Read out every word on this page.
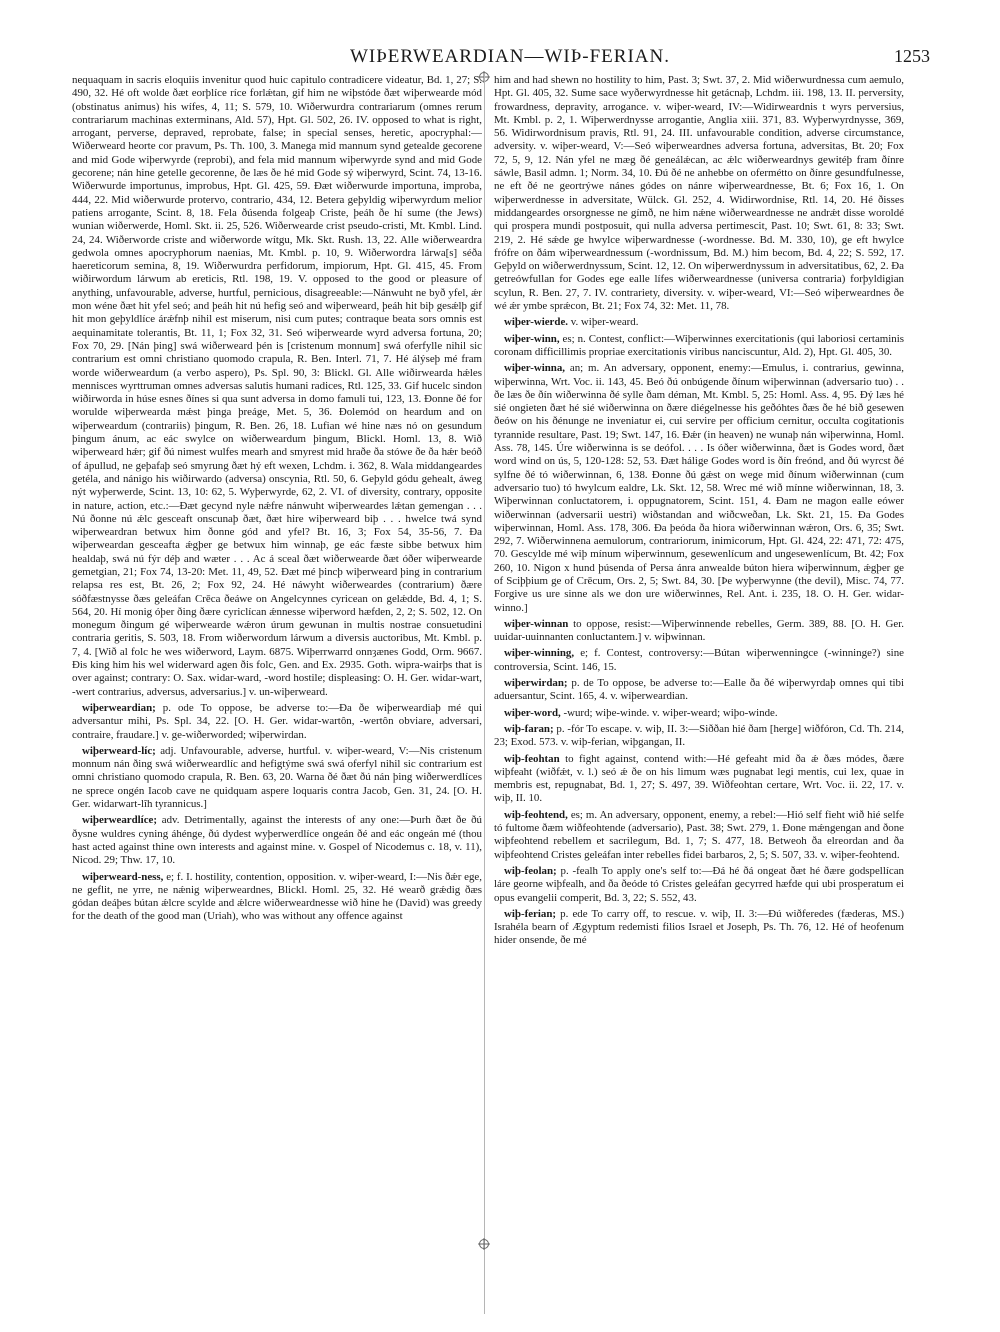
WIÞERWEARDIAN—WIÞ-FERIAN.	1253

nequaquam in sacris eloquiis invenitur quod huic capitulo contradicere videatur, Bd. 1, 27; S. 490, 32. Hé oft wolde ðæt eorþlíce ríce forlǽtan, gif him ne wiþstóde ðæt wiþerwearde mód (obstinatus animus) his wífes, 4, 11; S. 579, 10. Wiðerwurdra contrariarum (omnes rerum contrariarum machinas exterminans, Ald. 57), Hpt. Gl. 502, 26. IV. opposed to what is right, arrogant, perverse, depraved, reprobate, false; in special senses, heretic, apocryphal:—Wiðerweard heorte cor pravum, Ps. Th. 100, 3. Manega mid mannum synd getealde gecorene and mid Gode wiþerwyrde (reprobi), and fela mid mannum wiþerwyrde synd and mid Gode gecorene; nán hine getelle gecorenne, ðe læs ðe hé mid Gode sý wiþerwyrd, Scint. 74, 13-16. Wiðerwurde importunus, improbus, Hpt. Gl. 425, 59. Ðæt wiðerwurde importuna, improba, 444, 22. Mid wiðerwurde protervo, contrario, 434, 12. Betera geþyldig wiþerwyrdum melior patiens arrogante, Scint. 8, 18. Fela ðúsenda folgeaþ Criste, þeáh ðe hí sume (the Jews) wunian wiðerwerde, Homl. Skt. ii. 25, 526. Wiðerwearde crist pseudo-cristi, Mt. Kmbl. Lind. 24, 24. Wiðerworde criste and wiðerworde wítgu, Mk. Skt. Rush. 13, 22. Alle wiðerweardra gedwola omnes apocryphorum naenias, Mt. Kmbl. p. 10, 9. Wiðerwordra lárwa[s] séða haereticorum semina, 8, 19. Wiðerwurdra perfidorum, impiorum, Hpt. Gl. 415, 45. From wiðirwordum lárwum ab ereticis, Rtl. 198, 19. V. opposed to the good or pleasure of anything, unfavourable, adverse, hurtful, pernicious, disagreeable:—Nánwuht ne byð yfel, ǽr mon wéne ðæt hit yfel seó; and þeáh hit nú hefig seó and wiþerweard, þeáh hit biþ gesǽlþ gif hit mon geþyldlíce árǽfnþ nihil est miserum, nisi cum putes; contraque beata sors omnis est aequinamitate tolerantis, Bt. 11, 1; Fox 32, 31. Seó wiþerwearde wyrd adversa fortuna, 20; Fox 70, 29. [Nán þing] swá wiðerweard þén is [cristenum monnum] swá oferfylle nihil sic contrarium est omni christiano quomodo crapula, R. Ben. Interl. 71, 7. Hé álýseþ mé fram worde wiðerweardum (a verbo aspero), Ps. Spl. 90, 3: Blickl. Gl. Alle wiðirwearda hǽles mennisces wyrttruman omnes adversas salutis humani radices, Rtl. 125, 33. Gif hucelc sindon wiðirworda in húse esnes ðínes si qua sunt adversa in domo famuli tui, 123, 13. Ðonne ðé for worulde wiþerwearda mǽst þinga þreáge, Met. 5, 36. Ðolemód on heardum and on wiþerweardum (contrariis) þingum, R. Ben. 26, 18. Lufian wé hine næs nó on gesundum þingum ánum, ac eác swylce on wiðerweardum þingum, Blickl. Homl. 13, 8. Wið wiþerweard hǽr; gif ðú nimest wulfes mearh and smyrest mid hraðe ða stówe ðe ða hǽr beóð of ápullud, ne geþafaþ seó smyrung ðæt hý eft wexen, Lchdm. i. 362, 8. Wala middangeardes getéla, and nánigo his wiðirwardo (adversa) onscynia, Rtl. 50, 6. Geþyld gódu gehealt, áweg nýt wyþerwerde, Scint. 13, 10: 62, 5. Wyþerwyrde, 62, 2. VI. of diversity, contrary, opposite in nature, action, etc.:—Ðæt gecynd nyle nǽfre nánwuht wiþerweardes lǽtan gemengan . . . Nú ðonne nú ǽlc gesceaft onscunaþ ðæt, ðæt hire wiþerweard biþ . . . hwelce twá synd wiþerweardran betwux him ðonne gód and yfel? Bt. 16, 3; Fox 54, 35-56, 7. Ða wiþerweardan gesceafta ǽgþer ge betwux him winnaþ, ge eác fæste sibbe betwux him healdaþ, swá nú fýr déþ and wæter . . . Ac á sceal ðæt wiðerwearde ðæt óðer wiþerwearde gemetgian, 21; Fox 74, 13-20: Met. 11, 49, 52. Ðæt mé þincþ wiþerweard þing in contrarium relapsa res est, Bt. 26, 2; Fox 92, 24. Hé náwyht wiðerweardes (contrarium) ðære sóðfæstnysse ðæs geleáfan Crēca ðeáwe on Angelcynnes cyricean on gelǽdde, Bd. 4, 1; S. 564, 20. Hí monig óþer ðing ðære cyriclícan ǽnnesse wiþerword hæfden, 2, 2; S. 502, 12. On monegum ðingum gé wiþerwearde wǽron úrum gewunan in multis nostrae consuetudini contraria geritis, S. 503, 18. From wiðerwordum lárwum a diversis auctoribus, Mt. Kmbl. p. 7, 4. [Wið al folc he wes wiðerword, Laym. 6875. Wiþerrwarrd onnȝænes Godd, Orm. 9667. Ðis king him his wel widerward agen ðis folc, Gen. and Ex. 2935. Goth. wipra-wairþs that is over against; contrary: O. Sax. widar-ward, -word hostile; displeasing: O. H. Ger. widar-wart, -wert contrarius, adversus, adversarius.] v. un-wiþerweard.

wiþerweardian; p. ode To oppose, be adverse to:—Ða ðe wiþerweardiaþ mé qui adversantur mihi, Ps. Spl. 34, 22. [O. H. Ger. widar-wartôn, -wertôn obviare, adversari, contraire, fraudare.] v. ge-wiðerworded; wiþerwirdan.

wiþerweard-líc; adj. Unfavourable, adverse, hurtful. v. wiþer-weard, V:—Nis cristenum monnum nán ðing swá wiðerweardlíc and hefigtýme swá swá oferfyl nihil sic contrarium est omni christiano quomodo crapula, R. Ben. 63, 20. Warna ðé ðæt ðú nán þing wiðerwerdlíces ne sprece ongén Iacob cave ne quidquam aspere loquaris contra Jacob, Gen. 31, 24. [O. H. Ger. widarwart-lîh tyrannicus.]

wiþerweardlíce; adv. Detrimentally, against the interests of any one:—Þurh ðæt ðe ðú ðysne wuldres cyning áhénge, ðú dydest wyþerwerdlíce ongeán ðé and eác ongeán mé (thou hast acted against thine own interests and against mine. v. Gospel of Nicodemus c. 18, v. 11), Nicod. 29; Thw. 17, 10.

wiþerweard-ness, e; f. I. hostility, contention, opposition. v. wiþer-weard, I:—Nis ðǽr ege, ne geflit, ne yrre, ne nǽnig wiþerweardnes, Blickl. Homl. 25, 32. Hé wearð grǽdig ðæs gódan deáþes bútan ǽlcre scylde and ǽlcre wiðerweardnesse wið hine he (David) was greedy for the death of the good man (Uriah), who was without any offence against

him and had shewn no hostility to him, Past. 3; Swt. 37, 2. Mid wiðerwurdnessa cum aemulo, Hpt. Gl. 405, 32. Sume sace wyðerwyrdnesse hit getácnaþ, Lchdm. iii. 198, 13. II. perversity, frowardness, depravity, arrogance. v. wiþer-weard, IV:—Widirweardnis t wyrs perversius, Mt. Kmbl. p. 2, 1. Wiþerwerdnysse arrogantie, Anglia xiii. 371, 83. Wyþerwyrdnysse, 369, 56. Widirwordnisum pravis, Rtl. 91, 24. III. unfavourable condition, adverse circumstance, adversity. v. wiþer-weard, V:—Seó wiþerweardnes adversa fortuna, adversitas, Bt. 20; Fox 72, 5, 9, 12. Nán yfel ne mæg ðé geneálǽcan, ac ǽlc wiðerweardnys gewitéþ fram ðínre sáwle, Basil admn. 1; Norm. 34, 10. Ðú ðé ne anhebbe on ofermétto on ðínre gesundfulnesse, ne eft ðé ne geortrýwe nánes gódes on nánre wiþerweardnesse, Bt. 6; Fox 16, 1. On wiþerwerdnesse in adversitate, Wülck. Gl. 252, 4. Widirwordnise, Rtl. 14, 20. Hé ðisses middangeardes orsorgnesse ne gímð, ne him nǽne wiðerweardnesse ne andrǽt disse woroldé qui prospera mundi postposuit, qui nulla adversa pertimescit, Past. 10; Swt. 61, 8: 33; Swt. 219, 2. Hé sǽde ge hwylce wiþerwardnesse (-wordnesse. Bd. M. 330, 10), ge eft hwylce frófre on ðám wiþerweardnessum (-wordnissum, Bd. M.) him becom, Bd. 4, 22; S. 592, 17. Geþyld on wiðerwerdnyssum, Scint. 12, 12. On wiþerwerdnyssum in adversitatibus, 62, 2. Ða getreówfullan for Godes ege ealle lífes wiðerweardnesse (universa contraria) forþyldigian scylun, R. Ben. 27, 7. IV. contrariety, diversity. v. wiþer-weard, VI:—Seó wiþerweardnes ðe wé ǽr ymbe sprǽcon, Bt. 21; Fox 74, 32: Met. 11, 78.

wiþer-wierde. v. wiþer-weard.

wiþer-winn, es; n. Contest, conflict:—Wiþerwinnes exercitationis (qui laboriosi certaminis coronam difficillimis propriae exercitationis viribus nanciscuntur, Ald. 2), Hpt. Gl. 405, 30.

wiþer-winna, an; m. An adversary, opponent, enemy:—Emulus, i. contrarius, gewinna, wiþerwinna, Wrt. Voc. ii. 143, 45. Beó ðú onbúgende ðínum wiþerwinnan (adversario tuo) . . ðe læs ðe ðín wiðerwinna ðé sylle ðam déman, Mt. Kmbl. 5, 25: Homl. Ass. 4, 95. Ðý læs hé sié ongieten ðæt hé sié wiðerwinna on ðære diégelnesse his geðóhtes ðæs ðe hé bið gesewen ðeów on his ðénunge ne inveniatur ei, cui servire per officium cernitur, occulta cogitationis tyrannide resultare, Past. 19; Swt. 147, 16. Ðǽr (in heaven) ne wunaþ nán wiþerwinna, Homl. Ass. 78, 145. Úre wiðerwinna is se deófol. . . . Is óðer wiðerwinna, ðæt is Godes word, ðæt word wind on ús, 5, 120-128: 52, 53. Ðæt hálige Godes word is ðín freónd, and ðú wyrcst ðé sylfne ðé tó wiðerwinnan, 6, 138. Ðonne ðú gǽst on wege mid ðínum wiðerwinnan (cum adversario tuo) tó hwylcum ealdre, Lk. Skt. 12, 58. Wrec mé wið mínne wiðerwinnan, 18, 3. Wiþerwinnan conluctatorem, i. oppugnatorem, Scint. 151, 4. Ðam ne magon ealle eówer wiðerwinnan (adversarii uestri) wiðstandan and wiðcweðan, Lk. Skt. 21, 15. Ða Godes wiþerwinnan, Homl. Ass. 178, 306. Ða þeóda ða hiora wiðerwinnan wǽron, Ors. 6, 35; Swt. 292, 7. Wiðerwinnena aemulorum, contrariorum, inimicorum, Hpt. Gl. 424, 22: 471, 72: 475, 70. Gescylde mé wiþ mínum wiþerwinnum, gesewenlícum and ungesewenlícum, Bt. 42; Fox 260, 10. Nigon x hund þúsenda of Persa ánra anwealde búton hiera wiþerwinnum, ǽgþer ge of Sciþþium ge of Crēcum, Ors. 2, 5; Swt. 84, 30. [Þe wyþerwynne (the devil), Misc. 74, 77. Forgive us ure sinne als we don ure wiðerwinnes, Rel. Ant. i. 235, 18. O. H. Ger. widar-winno.]

wiþer-winnan to oppose, resist:—Wiþerwinnende rebelles, Germ. 389, 88. [O. H. Ger. uuidar-uuinnanten conluctantem.] v. wiþwinnan.

wiþer-winning, e; f. Contest, controversy:—Bútan wiþerwenningce (-winninge?) sine controversia, Scint. 146, 15.

wiþerwirdan; p. de To oppose, be adverse to:—Ealle ða ðé wiþerwyrdaþ omnes qui tibi aduersantur, Scint. 165, 4. v. wiþerweardian.

wiþer-word, -wurd; wiþe-winde. v. wiþer-weard; wiþo-winde.

wiþ-faran; p. -fór To escape. v. wiþ, II. 3:—Siððan hié ðam [herge] wiðfóron, Cd. Th. 214, 23; Exod. 573. v. wiþ-ferian, wiþgangan, II.

wiþ-feohtan to fight against, contend with:—Hé gefeaht mid ða ǽ ðæs módes, ðære wiþfeaht (wiðfǽt, v. l.) seó ǽ ðe on his limum wæs pugnabat legi mentis, cui lex, quae in membris est, repugnabat, Bd. 1, 27; S. 497, 39. Wiðfeohtan certare, Wrt. Voc. ii. 22, 17. v. wiþ, II. 10.

wiþ-feohtend, es; m. An adversary, opponent, enemy, a rebel:—Hió self fieht wið hié selfe tó fultome ðæm wiðfeohtende (adversario), Past. 38; Swt. 279, 1. Ðone mǽngengan and ðone wiþfeohtend rebellem et sacrilegum, Bd. 1, 7; S. 477, 18. Betweoh ða elreordan and ða wiþfeohtend Cristes geleáfan inter rebelles fidei barbaros, 2, 5; S. 507, 33. v. wiþer-feohtend.

wiþ-feolan; p. -fealh To apply one's self to:—Ðá hé ðá ongeat ðæt hé ðære godspellícan láre georne wiþfealh, and ða ðeóde tó Cristes geleáfan gecyrred hæfde qui ubi prosperatum ei opus evangelii comperit, Bd. 3, 22; S. 552, 43.

wiþ-ferian; p. ede To carry off, to rescue. v. wiþ, II. 3:—Ðú wiðferedes (fæderas, MS.) Israhéla bearn of Ægyptum redemisti filios Israel et Joseph, Ps. Th. 76, 12. Hé of heofenum hider onsende, ðe mé
